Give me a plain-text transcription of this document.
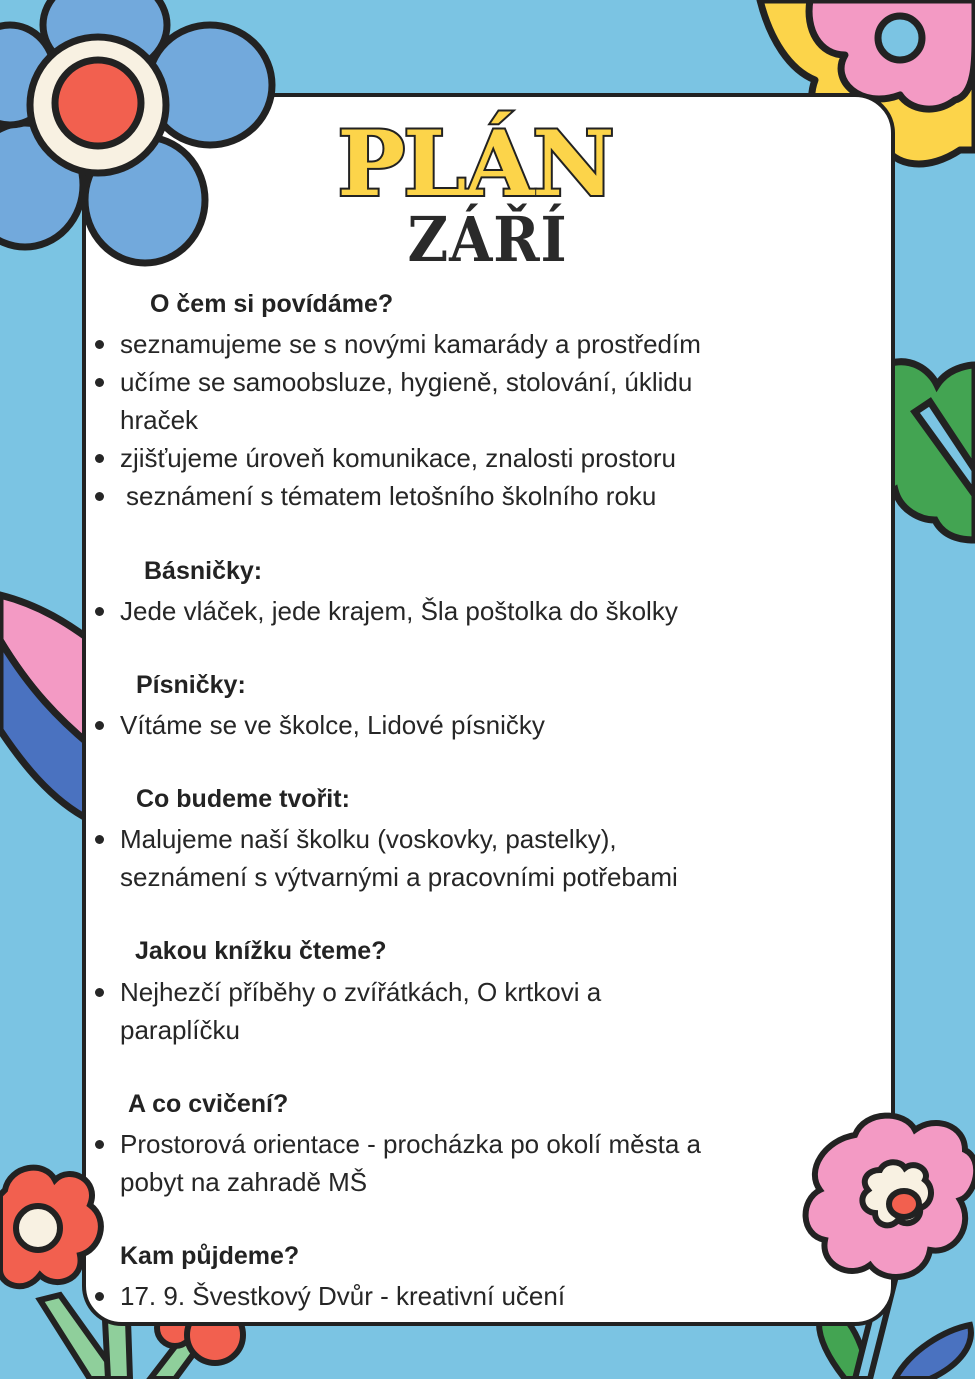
PLÁN
ZÁŘÍ
O čem si povídáme?
seznamujeme se s novými kamarády a prostředím
učíme se samoobsluze, hygieně, stolování, úklidu
hraček
zjišťujeme úroveň komunikace, znalosti prostoru
seznámení s tématem letošního školního roku
Básničky:
Jede vláček, jede krajem, Šla poštolka do školky
Písničky:
Vítáme se ve školce, Lidové písničky
Co budeme tvořit:
Malujeme naší školku (voskovky, pastelky),
seznámení s výtvarnými a pracovními potřebami
Jakou knížku čteme?
Nejhezčí příběhy o zvířátkách, O krtkovi a
paraplíčku
A co cvičení?
Prostorová orientace - procházka po okolí města a
pobyt na zahradě MŠ
Kam půjdeme?
17. 9. Švestkový Dvůr - kreativní učení
